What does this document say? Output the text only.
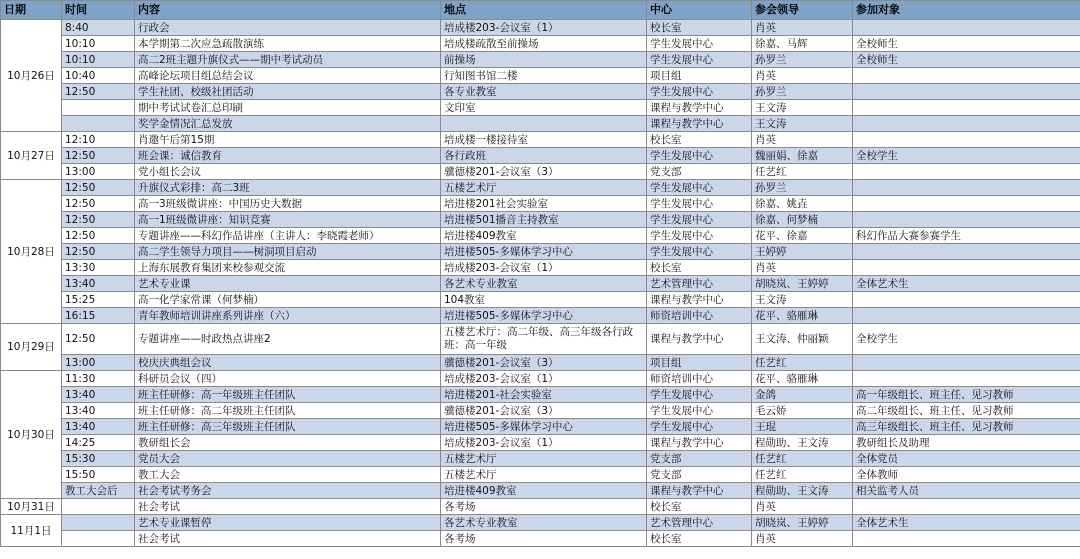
日期	时间	内容	地点	中心	参会领导	参加对象
10月26日	8:40	行政会	培成楼203-会议室（1）	校长室	肖英	
	10:10	本学期第二次应急疏散演练	培成楼疏散至前操场	学生发展中心	徐嘉、马辉	全校师生
	10:10	高二2班主题升旗仪式——期中考试动员	前操场	学生发展中心	孙罗兰	全校师生
	10:40	高峰论坛项目组总结会议	行知图书馆二楼	项目组	肖英	
	12:50	学生社团、校级社团活动	各专业教室	学生发展中心	孙罗兰	
		期中考试试卷汇总印刷	文印室	课程与教学中心	王文涛	
		奖学金情况汇总发放		课程与教学中心	王文涛	
10月27日	12:10	肖邀午后第15期	培成楼一楼接待室	校长室	肖英	
	12:50	班会课：诚信教育	各行政班	学生发展中心	魏丽娟、徐嘉	全校学生
	13:00	党小组长会议	骥德楼201-会议室（3）	党支部	任艺红	
10月28日	12:50	升旗仪式彩排：高二3班	五楼艺术厅	学生发展中心	孙罗兰	
	12:50	高一3班级微讲座：中国历史大数据	培进楼201社会实验室	学生发展中心	徐嘉、姚垚	
	12:50	高一1班级微讲座：知识竞赛	培进楼501播音主持教室	学生发展中心	徐嘉、何梦楠	
	12:50	专题讲座——科幻作品讲座（主讲人：李晓霞老师）	培进楼409教室	学生发展中心	花平、徐嘉	科幻作品大赛参赛学生
	12:50	高二学生领导力项目——树洞项目启动	培进楼505-多媒体学习中心	学生发展中心	王婷婷	
	13:30	上海东展教育集团来校参观交流	培成楼203-会议室（1）	校长室	肖英	
	13:40	艺术专业课	各艺术专业教室	艺术管理中心	胡晓岚、王婷婷	全体艺术生
	15:25	高一化学家常课（何梦楠）	104教室	课程与教学中心	王文涛	
	16:15	青年教师培训讲座系列讲座（六）	培进楼505-多媒体学习中心	师资培训中心	花平、骆雁琳	
10月29日	12:50	专题讲座——时政热点讲座2	五楼艺术厅：高二年级、高三年级各行政班：高一年级	课程与教学中心	王文涛、仲丽颖	全校学生
	13:00	校庆庆典组会议	骥德楼201-会议室（3）	项目组	任艺红	
10月30日	11:30	科研员会议（四）	培成楼203-会议室（1）	师资培训中心	花平、骆雁琳	
	13:40	班主任研修：高一年级班主任团队	培进楼201-社会实验室	学生发展中心	金鸽	高一年级组长、班主任、见习教师
	13:40	班主任研修：高二年级班主任团队	骥德楼201-会议室（3）	学生发展中心	毛云娇	高二年级组长、班主任、见习教师
	13:40	班主任研修：高三年级班主任团队	培进楼505-多媒体学习中心	学生发展中心	王琨	高三年级组长、班主任、见习教师
	14:25	教研组长会	培成楼203-会议室（1）	课程与教学中心	程勋助、王文涛	教研组长及助理
	15:30	党员大会	五楼艺术厅	党支部	任艺红	全体党员
	15:50	教工大会	五楼艺术厅	党支部	任艺红	全体教师
	教工大会后	社会考试考务会	培进楼409教室	课程与教学中心	程勋助、王文涛	相关监考人员
10月31日		社会考试	各考场	校长室	肖英	
11月1日		艺术专业课暂停	各艺术专业教室	艺术管理中心	胡晓岚、王婷婷	全体艺术生
		社会考试	各考场	校长室	肖英	
